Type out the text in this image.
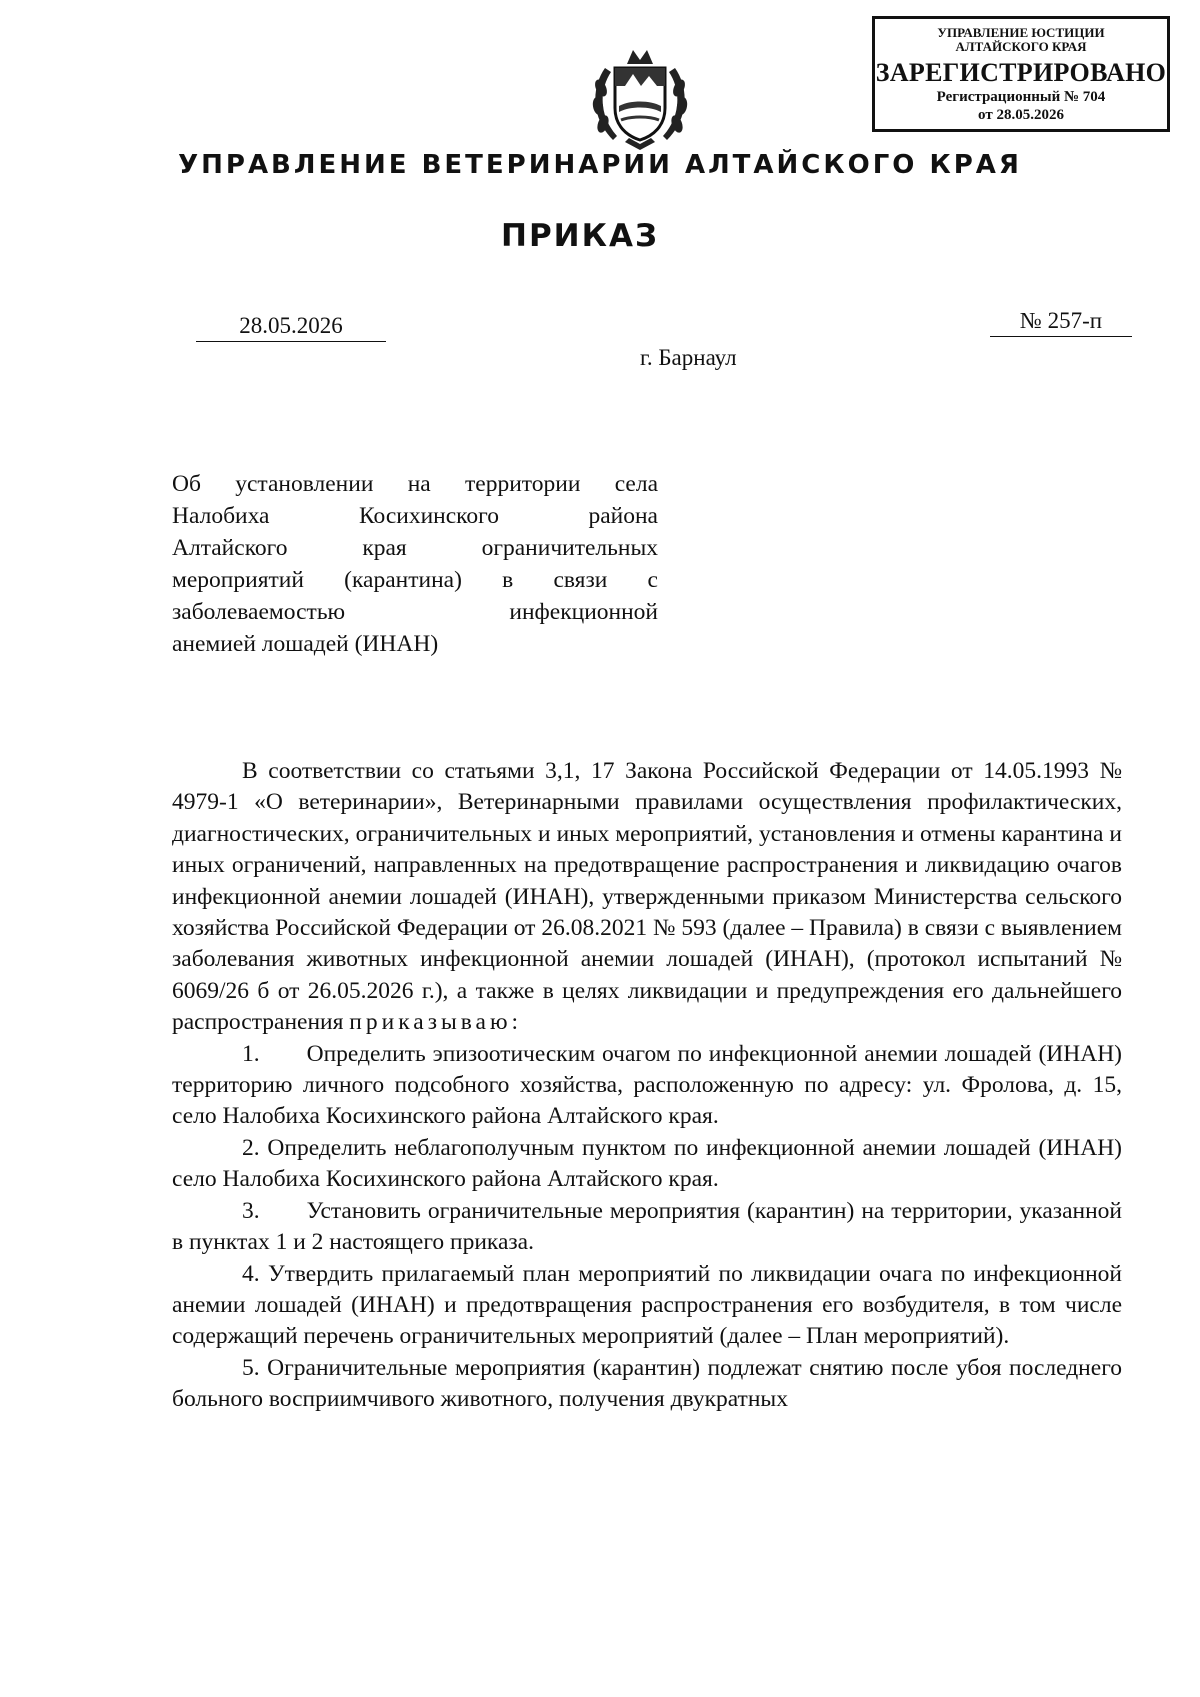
УПРАВЛЕНИЕ ЮСТИЦИИ
АЛТАЙСКОГО КРАЯ
ЗАРЕГИСТРИРОВАНО
Регистрационный № 704
от 28.05.2026
УПРАВЛЕНИЕ ВЕТЕРИНАРИИ АЛТАЙСКОГО КРАЯ
ПРИКАЗ
28.05.2026	№ 257-п
г. Барнаул
Об установлении на территории села
Налобиха Косихинского района
Алтайского края ограничительных
мероприятий (карантина) в связи с
заболеваемостью инфекционной
анемией лошадей (ИНАН)

В соответствии со статьями 3,1, 17 Закона Российской Федерации от 14.05.1993 № 4979-1 «О ветеринарии», Ветеринарными правилами осуществления профилактических, диагностических, ограничительных и иных мероприятий, установления и отмены карантина и иных ограничений, направленных на предотвращение распространения и ликвидацию очагов инфекционной анемии лошадей (ИНАН), утвержденными приказом Министерства сельского хозяйства Российской Федерации от 26.08.2021 № 593 (далее – Правила) в связи с выявлением заболевания животных инфекционной анемии лошадей (ИНАН), (протокол испытаний № 6069/26 б от 26.05.2026 г.), а также в целях ликвидации и предупреждения его дальнейшего распространения приказываю:

1.  Определить эпизоотическим очагом по инфекционной анемии лошадей (ИНАН) территорию личного подсобного хозяйства, расположенную по адресу: ул. Фролова, д. 15, село Налобиха Косихинского района Алтайского края.

2. Определить неблагополучным пунктом по инфекционной анемии лошадей (ИНАН) село Налобиха Косихинского района Алтайского края.

3.  Установить ограничительные мероприятия (карантин) на территории, указанной в пунктах 1 и 2 настоящего приказа.

4. Утвердить прилагаемый план мероприятий по ликвидации очага по инфекционной анемии лошадей (ИНАН) и предотвращения распространения его возбудителя, в том числе содержащий перечень ограничительных мероприятий (далее – План мероприятий).

5. Ограничительные мероприятия (карантин) подлежат снятию после убоя последнего больного восприимчивого животного, получения двукратных
